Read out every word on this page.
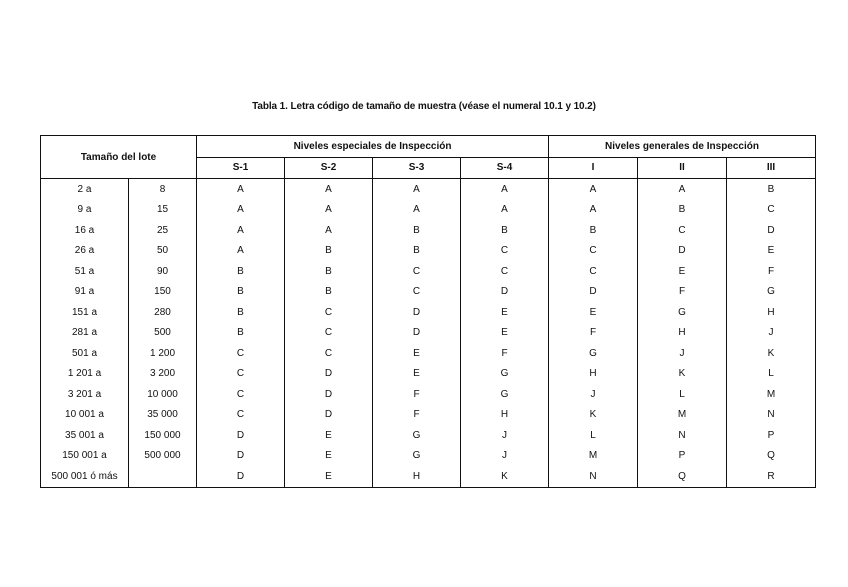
Tabla 1. Letra código de tamaño de muestra (véase el numeral 10.1 y 10.2)
Tamaño del lote		Niveles especiales de Inspección				Niveles generales de Inspección		
		S-1	S-2	S-3	S-4	I	II	III
2 a	8	A	A	A	A	A	A	B
9 a	15	A	A	A	A	A	B	C
16 a	25	A	A	B	B	B	C	D
26 a	50	A	B	B	C	C	D	E
51 a	90	B	B	C	C	C	E	F
91 a	150	B	B	C	D	D	F	G
151 a	280	B	C	D	E	E	G	H
281 a	500	B	C	D	E	F	H	J
501 a	1 200	C	C	E	F	G	J	K
1 201 a	3 200	C	D	E	G	H	K	L
3 201 a	10 000	C	D	F	G	J	L	M
10 001 a	35 000	C	D	F	H	K	M	N
35 001 a	150 000	D	E	G	J	L	N	P
150 001 a	500 000	D	E	G	J	M	P	Q
500 001 ó más		D	E	H	K	N	Q	R
